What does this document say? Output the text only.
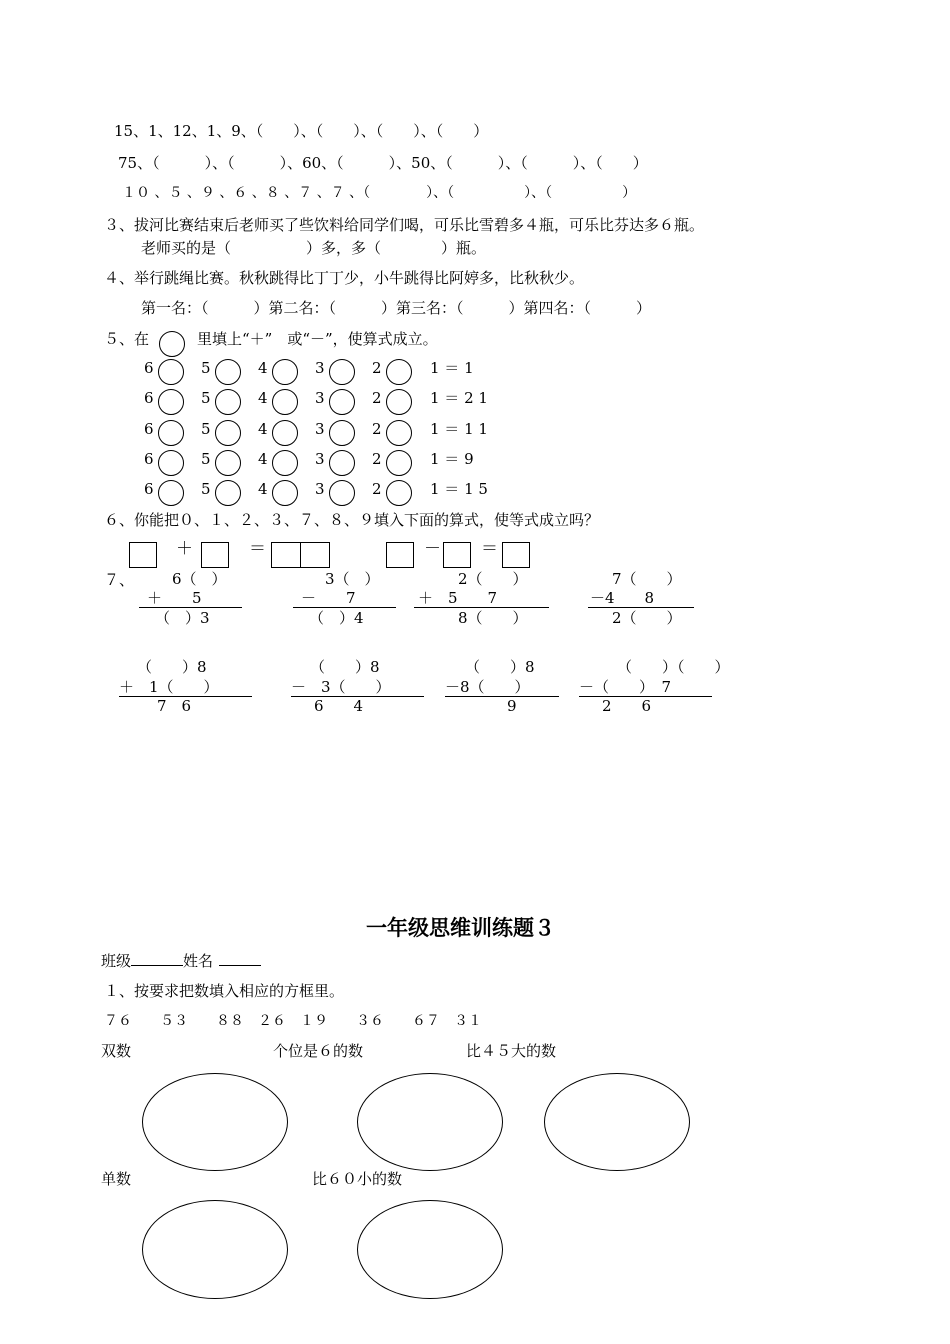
15、1、12、1、9、（　　）、（　　）、（　　）、（　　）
75、（　　　）、（　　　）、60、（　　　）、50、（　　　）、（　　　）、（　　）
１０ 、５ 、９ 、６ 、８ 、７ 、７ 、（　　　　）、（　　　　　）、（　　　　　）
３、拔河比赛结束后老师买了些饮料给同学们喝，可乐比雪碧多４瓶，可乐比芬达多６瓶。
老师买的是（　　　　　）多，多（　　　　）瓶。
４、举行跳绳比赛。秋秋跳得比丁丁少，小牛跳得比阿婷多，比秋秋少。
第一名：（　　　）第二名：（　　　）第三名：（　　　）第四名：（　　　）
５、在	里填上“＋”　或“－”，使算式成立。
6	5	4	3	2	1 ＝ 1
6	5	4	3	2	1 ＝ 2 1
6	5	4	3	2	1 ＝ 1 1
6	5	4	3	2	1 ＝ 9
6	5	4	3	2	1 ＝ 1 5
６、你能把０、１、２、３、７、８、９填入下面的算式，使等式成立吗？
＋	＝	－ ＝
７、	6（　）
＋　　5
（　）3
3（　）
－　　7
（　）4
2（　　）
＋　5　　7
8（　　）
7（　　）
－4　　8
2（　　）
（　　）8
＋　1（　　）
7　6
（　　）8
－　3（　　）
6　　4
（　　）8
－8（　　）
9
（　　）（　　）
－（　　）　7
2　　6
一年级思维训练题３
班级	姓名
１、按要求把数填入相应的方框里。
７６　　５３　　８８　２６　１９　　３６　　６７　３１
双数	个位是６的数	比４５大的数
单数	比６０小的数
